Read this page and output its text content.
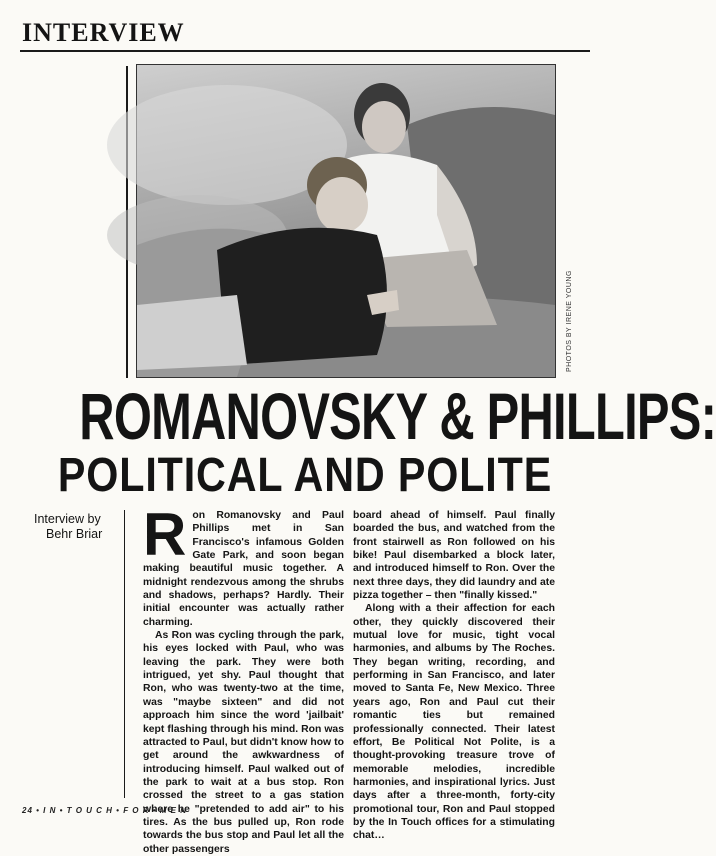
INTERVIEW
PHOTOS BY IRENE YOUNG
ROMANOVSKY & PHILLIPS:
POLITICAL AND POLITE
Interview by
Behr Briar Ron Romanovsky and Paul Phillips met in San Francisco's infamous Golden Gate Park, and soon began making beautiful music together. A midnight rendezvous among the shrubs and shadows, perhaps? Hardly. Their initial encounter was actually rather charming.

As Ron was cycling through the park, his eyes locked with Paul, who was leaving the park. They were both intrigued, yet shy. Paul thought that Ron, who was twenty-two at the time, was "maybe sixteen" and did not approach him since the word 'jailbait' kept flashing through his mind. Ron was attracted to Paul, but didn't know how to get around the awkwardness of introducing himself. Paul walked out of the park to wait at a bus stop. Ron crossed the street to a gas station where he "pretended to add air" to his tires. As the bus pulled up, Ron rode towards the bus stop and Paul let all the other passengers

board ahead of himself. Paul finally boarded the bus, and watched from the front stairwell as Ron followed on his bike! Paul disembarked a block later, and introduced himself to Ron. Over the next three days, they did laundry and ate pizza together – then "finally kissed."

Along with a their affection for each other, they quickly discovered their mutual love for music, tight vocal harmonies, and albums by The Roches. They began writing, recording, and performing in San Francisco, and later moved to Santa Fe, New Mexico. Three years ago, Ron and Paul cut their romantic ties but remained professionally connected. Their latest effort, Be Political Not Polite, is a thought-provoking treasure trove of memorable melodies, incredible harmonies, and inspirational lyrics. Just days after a three-month, forty-city promotional tour, Ron and Paul stopped by the In Touch offices for a stimulating chat…

24 • I N • T O U C H • F O R • M E N
